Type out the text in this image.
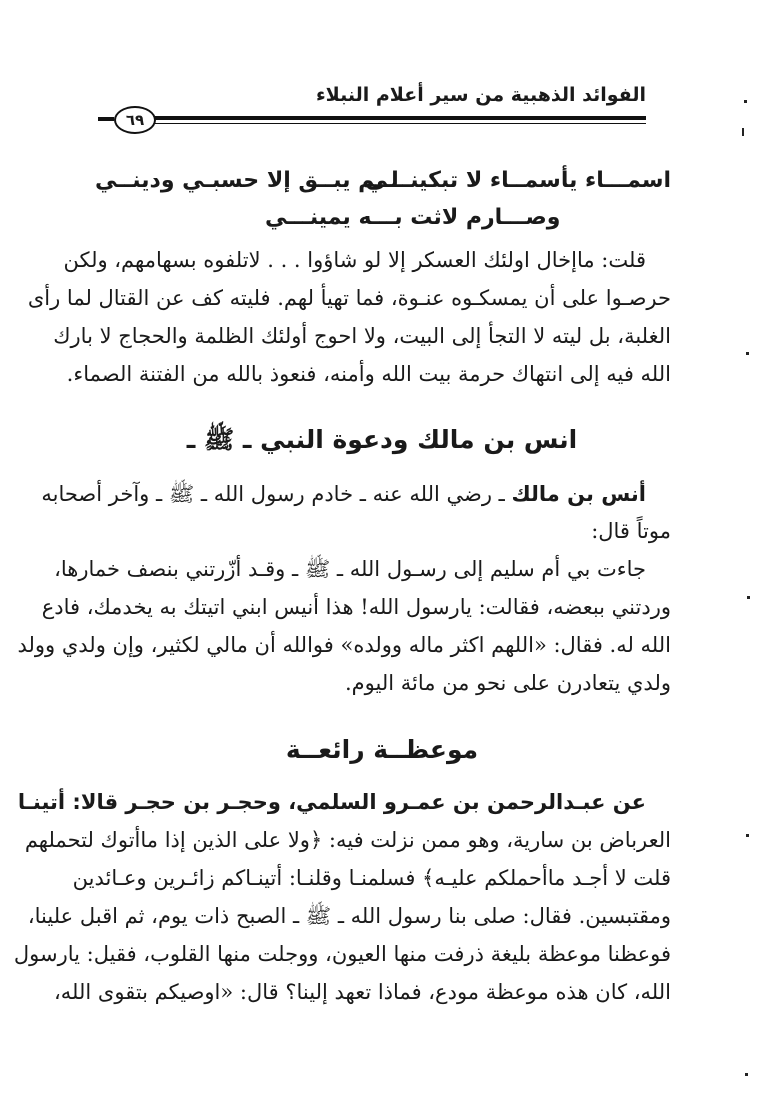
الفوائد الذهبية من سير أعلام النبلاء
٦٩
اسمـــاء يأسمــاء لا تبكينـــي
لــم يبــق إلا حسبـي ودينــي
وصـــارم لاثت بـــه يمينـــي
قلت: ماإخال اولئك العسكر إلا لو شاؤوا . . . لاتلفوه بسهامهم، ولكن
حرصـوا على أن يمسكـوه عنـوة، فما تهيأ لهم. فليته كف عن القتال لما رأى
الغلبة، بل ليته لا التجأ إلى البيت، ولا احوج أولئك الظلمة والحجاج لا بارك
الله فيه إلى انتهاك حرمة بيت الله وأمنه، فنعوذ بالله من الفتنة الصماء.
انس بن مالك ودعوة النبي ـ ﷺ ـ
أنس بن مالك ـ رضي الله عنه ـ خادم رسول الله ـ ﷺ ـ وآخر أصحابه
موتاً قال:
جاءت بي أم سليم إلى رسـول الله ـ ﷺ ـ وقـد أزّرتني بنصف خمارها،
وردتني ببعضه، فقالت: يارسول الله! هذا أنيس ابني اتيتك به يخدمك، فادع
الله له. فقال: «اللهم اكثر ماله وولده» فوالله أن مالي لكثير، وإن ولدي وولد
ولدي يتعادرن على نحو من مائة اليوم.
موعظــة رائعــة
عن عبـدالرحمن بن عمـرو السلمي، وحجـر بن حجـر قالا: أتينـا
العرباض بن سارية، وهو ممن نزلت فيه: ﴿ولا على الذين إذا ماأتوك لتحملهم
قلت لا أجـد ماأحملكم عليـه﴾ فسلمنـا وقلنـا: أتينـاكم زائـرين وعـائدين
ومقتبسين. فقال: صلى بنا رسول الله ـ ﷺ ـ الصبح ذات يوم، ثم اقبل علينا،
فوعظنا موعظة بليغة ذرفت منها العيون، ووجلت منها القلوب، فقيل: يارسول
الله، كان هذه موعظة مودع، فماذا تعهد إلينا؟ قال: «اوصيكم بتقوى الله،
